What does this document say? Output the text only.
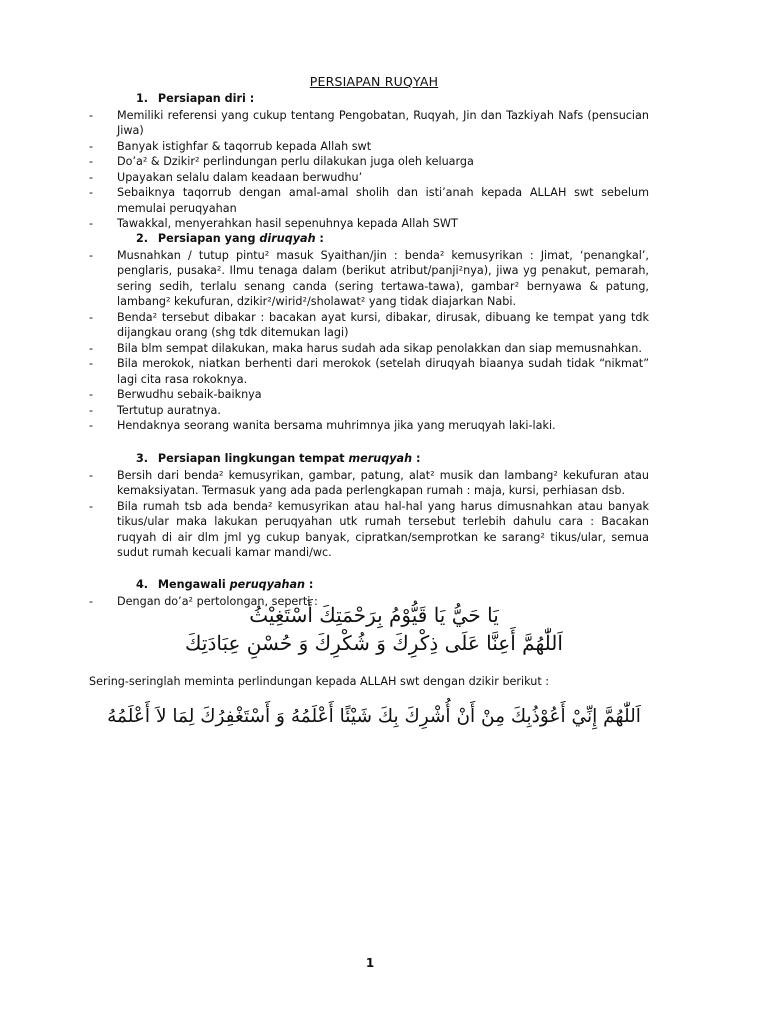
PERSIAPAN RUQYAH
1. Persiapan diri :
- Memiliki referensi yang cukup tentang Pengobatan, Ruqyah, Jin dan Tazkiyah Nafs (pensucian Jiwa)
- Banyak istighfar & taqorrub kepada Allah swt
- Do’a² & Dzikir² perlindungan perlu dilakukan juga oleh keluarga
- Upayakan selalu dalam keadaan berwudhu’
- Sebaiknya taqorrub dengan amal-amal sholih dan isti’anah kepada ALLAH swt sebelum memulai peruqyahan
- Tawakkal, menyerahkan hasil sepenuhnya kepada Allah SWT
2. Persiapan yang diruqyah :
- Musnahkan / tutup pintu² masuk Syaithan/jin : benda² kemusyrikan : Jimat, ‘penangkal’, penglaris, pusaka². Ilmu tenaga dalam (berikut atribut/panji²nya), jiwa yg penakut, pemarah, sering sedih, terlalu senang canda (sering tertawa-tawa), gambar² bernyawa & patung, lambang² kekufuran, dzikir²/wirid²/sholawat² yang tidak diajarkan Nabi.
- Benda² tersebut dibakar : bacakan ayat kursi, dibakar, dirusak, dibuang ke tempat yang tdk dijangkau orang (shg tdk ditemukan lagi)
- Bila blm sempat dilakukan, maka harus sudah ada sikap penolakkan dan siap memusnahkan.
- Bila merokok, niatkan berhenti dari merokok (setelah diruqyah biaanya sudah tidak “nikmat” lagi cita rasa rokoknya.
- Berwudhu sebaik-baiknya
- Tertutup auratnya.
- Hendaknya seorang wanita bersama muhrimnya jika yang meruqyah laki-laki.
3. Persiapan lingkungan tempat meruqyah :
- Bersih dari benda² kemusyrikan, gambar, patung, alat² musik dan lambang² kekufuran atau kemaksiyatan. Termasuk yang ada pada perlengkapan rumah : maja, kursi, perhiasan dsb.
- Bila rumah tsb ada benda² kemusyrikan atau hal-hal yang harus dimusnahkan atau banyak tikus/ular maka lakukan peruqyahan utk rumah tersebut terlebih dahulu cara : Bacakan ruqyah di air dlm jml yg cukup banyak, cipratkan/semprotkan ke sarang² tikus/ular, semua sudut rumah kecuali kamar mandi/wc.
4. Mengawali peruqyahan :
- Dengan do’a² pertolongan, seperti :
يَا حَيُّ يَا قَيُّوْمُ بِرَحْمَتِكَ أَسْتَغِيْثُ
اَللّٰهُمَّ أَعِنَّا عَلَى ذِكْرِكَ وَ شُكْرِكَ وَ حُسْنِ عِبَادَتِكَ
Sering-seringlah meminta perlindungan kepada ALLAH swt dengan dzikir berikut :
اَللّٰهُمَّ إِنِّيْ أَعُوْذُبِكَ مِنْ أَنْ أُشْرِكَ بِكَ شَيْئًا أَعْلَمُهُ وَ أَسْتَغْفِرُكَ لِمَا لاَ أَعْلَمُهُ
1
